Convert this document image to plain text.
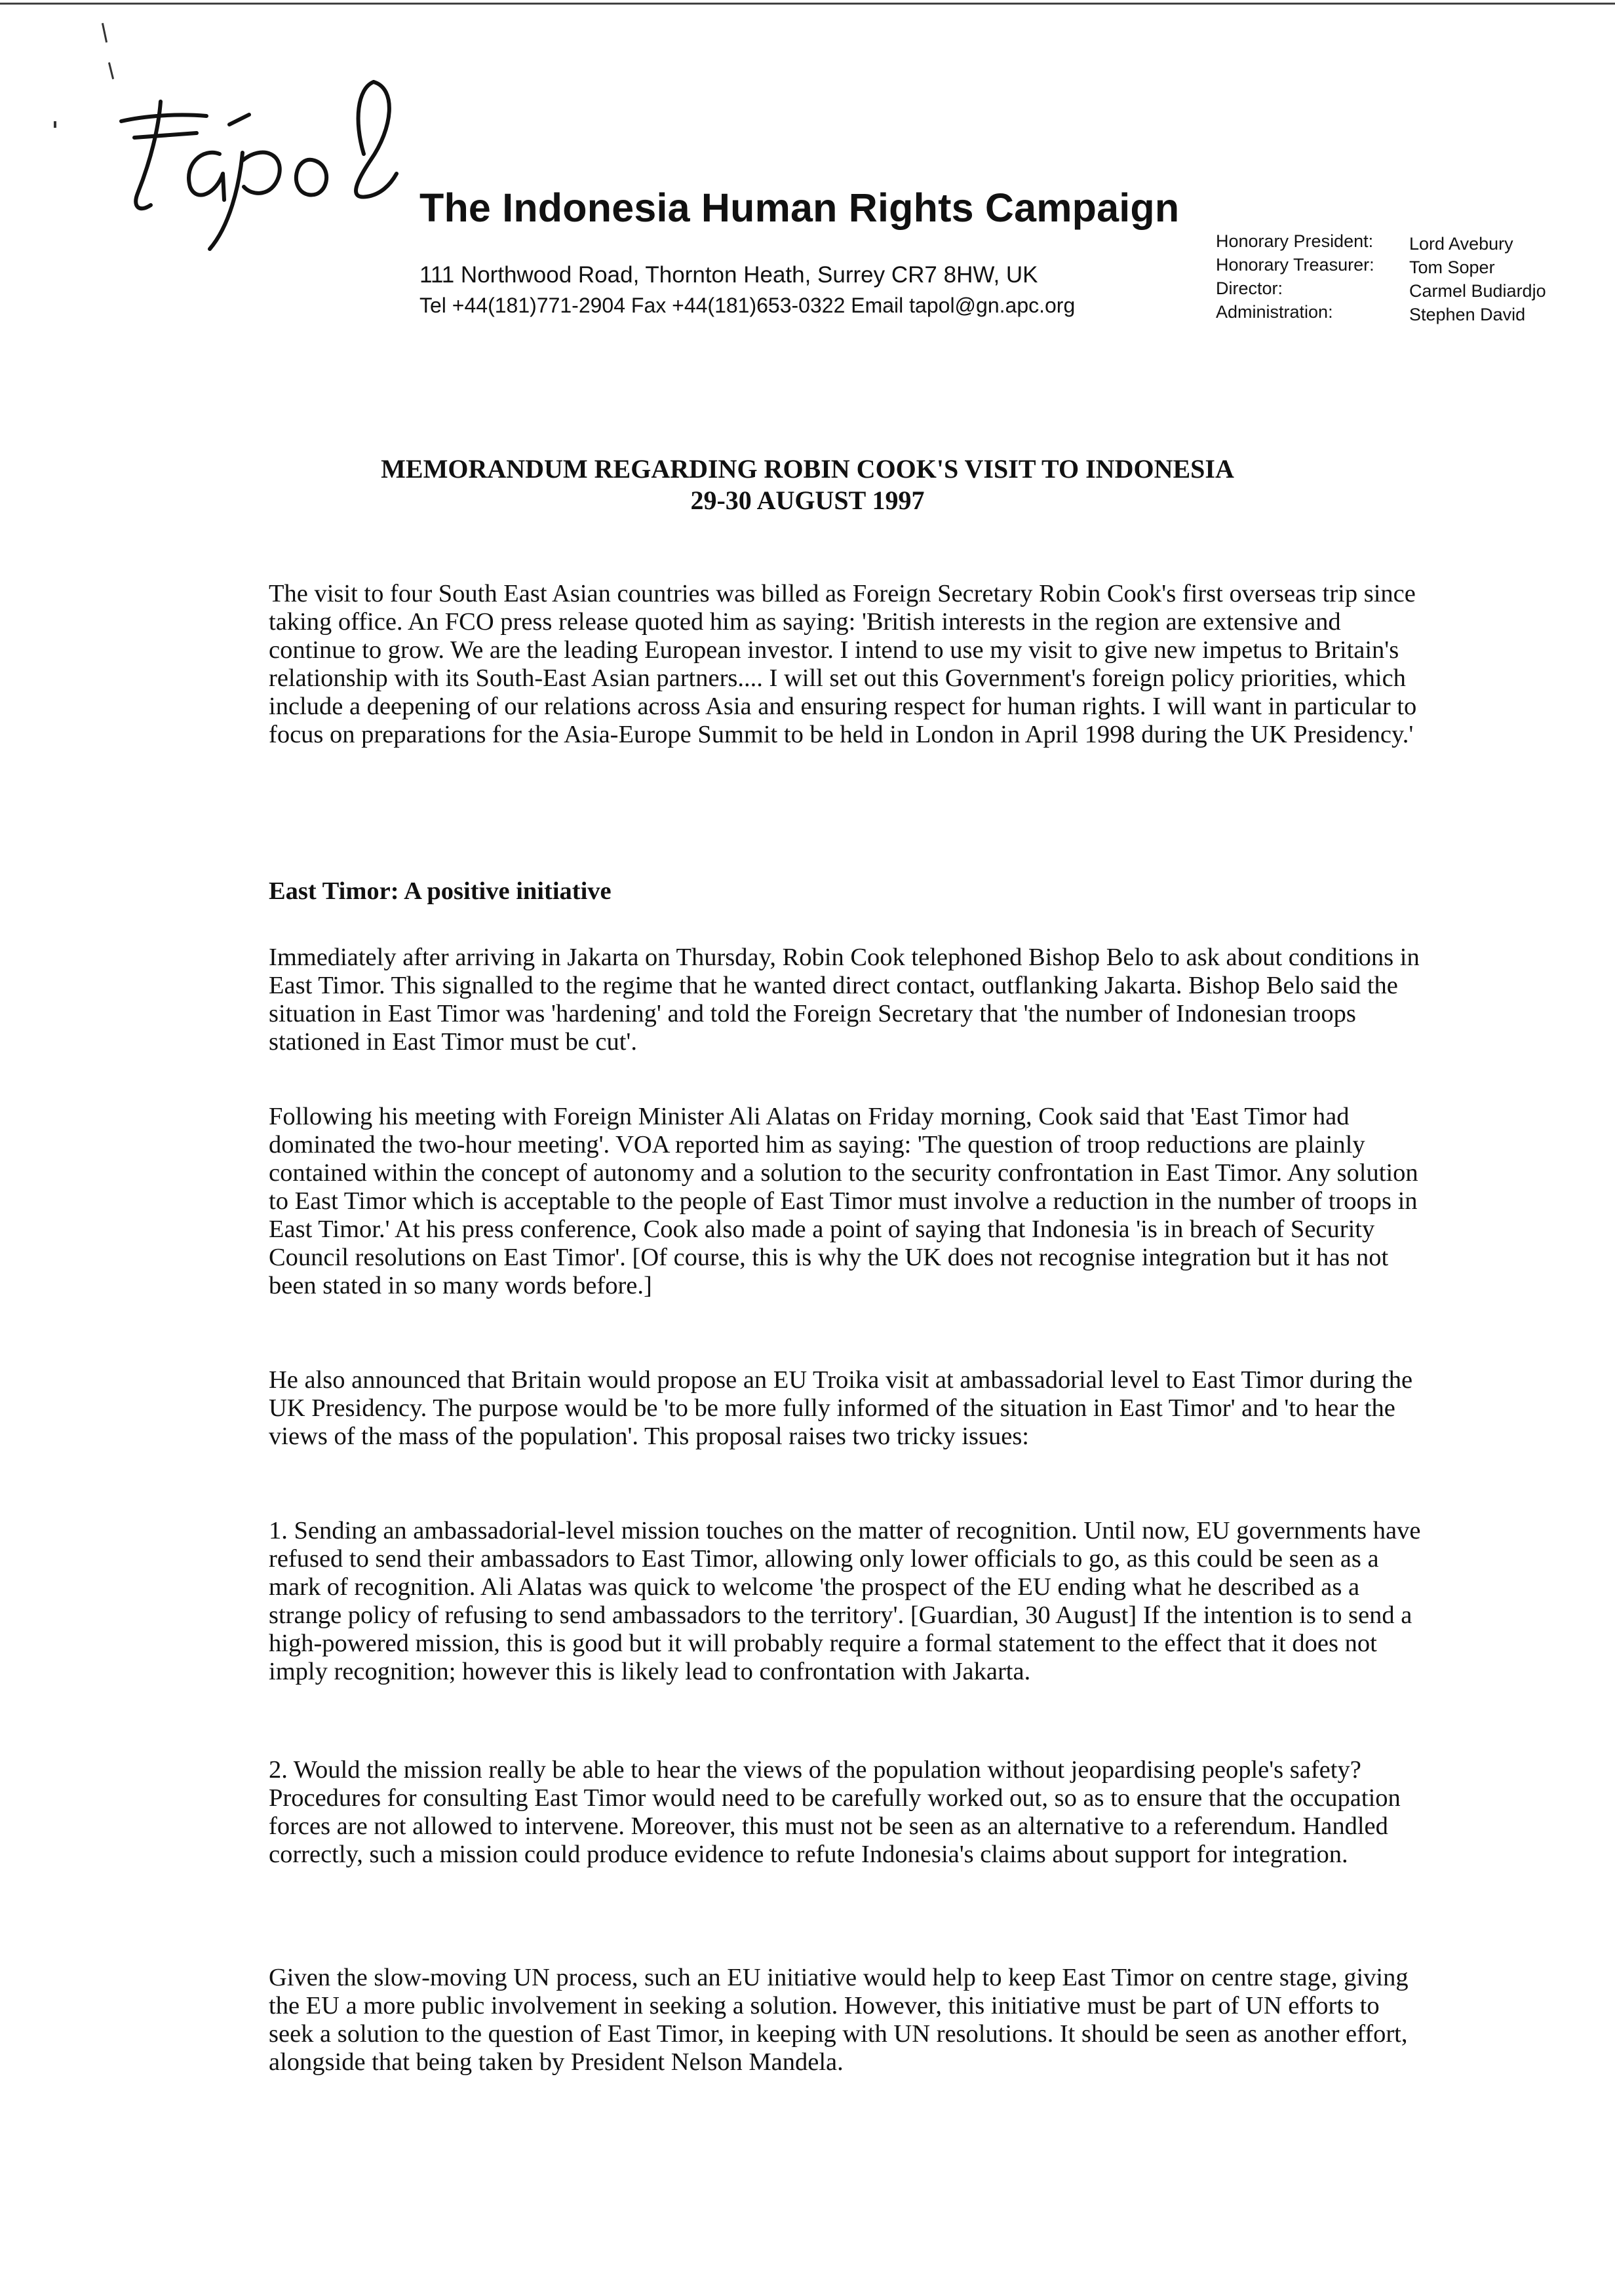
The Indonesia Human Rights Campaign
111 Northwood Road, Thornton Heath, Surrey CR7 8HW, UK
Tel +44(181)771-2904 Fax +44(181)653-0322 Email tapol@gn.apc.org
Honorary President:
Honorary Treasurer:
Director:
Administration:
Lord Avebury
Tom Soper
Carmel Budiardjo
Stephen David
MEMORANDUM REGARDING ROBIN COOK'S VISIT TO INDONESIA
29-30 AUGUST 1997
The visit to four South East Asian countries was billed as Foreign Secretary Robin Cook's first overseas trip since taking office. An FCO press release quoted him as saying: 'British interests in the region are extensive and continue to grow. We are the leading European investor. I intend to use my visit to give new impetus to Britain's relationship with its South-East Asian partners.... I will set out this Government's foreign policy priorities, which include a deepening of our relations across Asia and ensuring respect for human rights. I will want in particular to focus on preparations for the Asia-Europe Summit to be held in London in April 1998 during the UK Presidency.'
East Timor: A positive initiative
Immediately after arriving in Jakarta on Thursday, Robin Cook telephoned Bishop Belo to ask about conditions in East Timor. This signalled to the regime that he wanted direct contact, outflanking Jakarta. Bishop Belo said the situation in East Timor was 'hardening' and told the Foreign Secretary that 'the number of Indonesian troops stationed in East Timor must be cut'.
Following his meeting with Foreign Minister Ali Alatas on Friday morning, Cook said that 'East Timor had dominated the two-hour meeting'. VOA reported him as saying: 'The question of troop reductions are plainly contained within the concept of autonomy and a solution to the security confrontation in East Timor. Any solution to East Timor which is acceptable to the people of East Timor must involve a reduction in the number of troops in East Timor.' At his press conference, Cook also made a point of saying that Indonesia 'is in breach of Security Council resolutions on East Timor'. [Of course, this is why the UK does not recognise integration but it has not been stated in so many words before.]
He also announced that Britain would propose an EU Troika visit at ambassadorial level to East Timor during the UK Presidency. The purpose would be 'to be more fully informed of the situation in East Timor' and 'to hear the views of the mass of the population'. This proposal raises two tricky issues:
1. Sending an ambassadorial-level mission touches on the matter of recognition. Until now, EU governments have refused to send their ambassadors to East Timor, allowing only lower officials to go, as this could be seen as a mark of recognition. Ali Alatas was quick to welcome 'the prospect of the EU ending what he described as a strange policy of refusing to send ambassadors to the territory'. [Guardian, 30 August] If the intention is to send a high-powered mission, this is good but it will probably require a formal statement to the effect that it does not imply recognition; however this is likely lead to confrontation with Jakarta.
2. Would the mission really be able to hear the views of the population without jeopardising people's safety? Procedures for consulting East Timor would need to be carefully worked out, so as to ensure that the occupation forces are not allowed to intervene. Moreover, this must not be seen as an alternative to a referendum. Handled correctly, such a mission could produce evidence to refute Indonesia's claims about support for integration.
Given the slow-moving UN process, such an EU initiative would help to keep East Timor on centre stage, giving the EU a more public involvement in seeking a solution. However, this initiative must be part of UN efforts to seek a solution to the question of East Timor, in keeping with UN resolutions. It should be seen as another effort, alongside that being taken by President Nelson Mandela.
